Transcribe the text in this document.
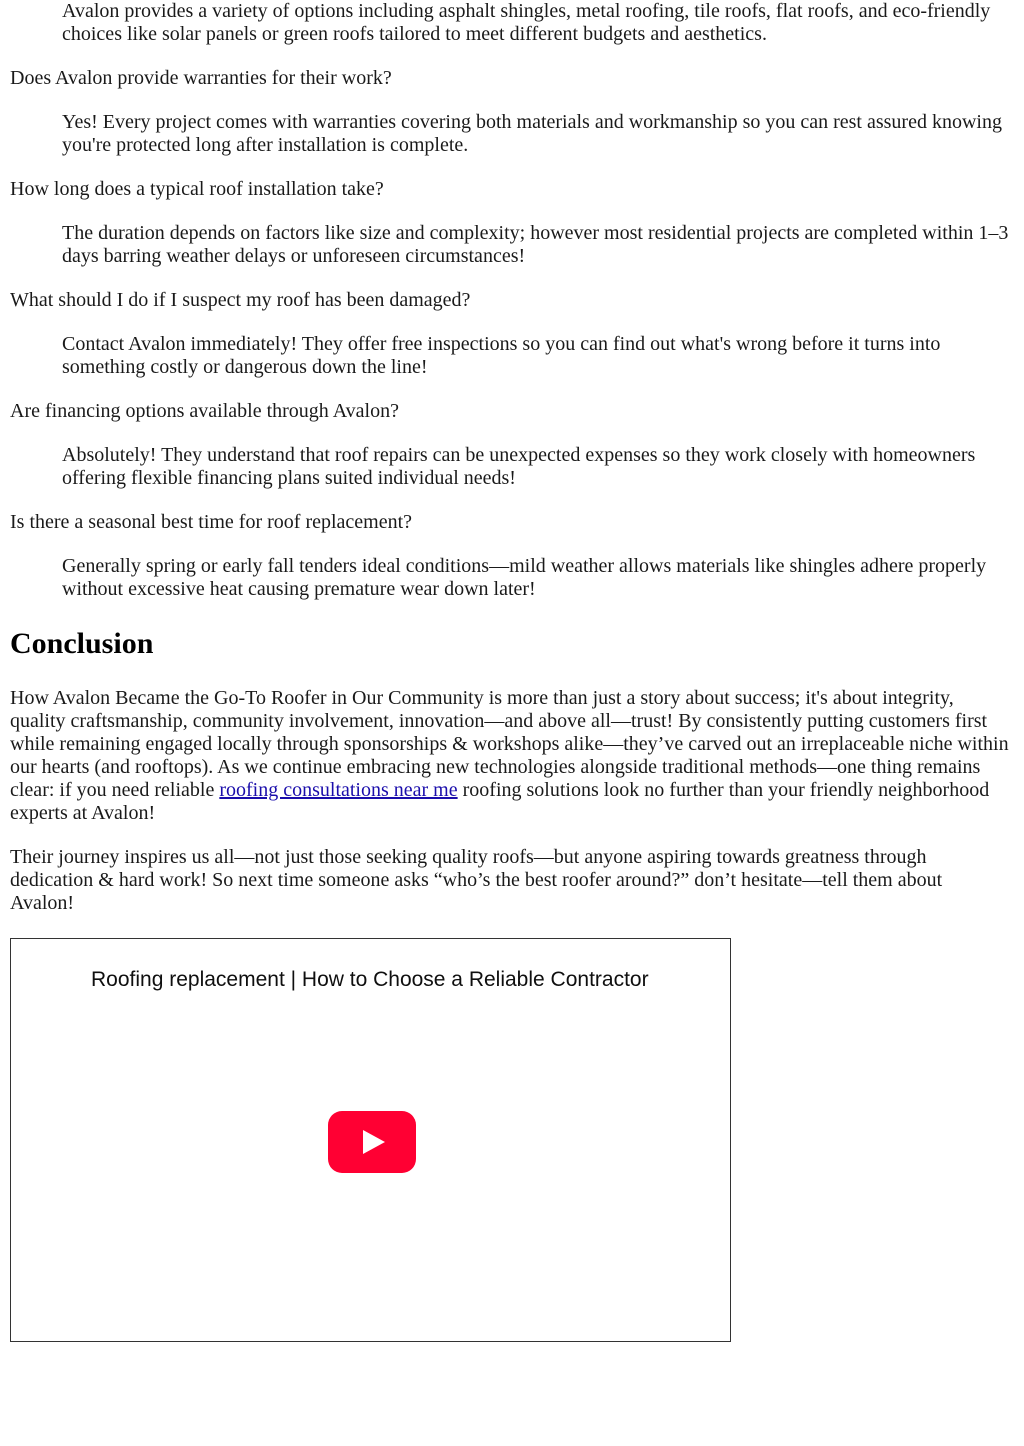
Avalon provides a variety of options including asphalt shingles, metal roofing, tile roofs, flat roofs, and eco-friendly choices like solar panels or green roofs tailored to meet different budgets and aesthetics.
Does Avalon provide warranties for their work?
Yes! Every project comes with warranties covering both materials and workmanship so you can rest assured knowing you're protected long after installation is complete.
How long does a typical roof installation take?
The duration depends on factors like size and complexity; however most residential projects are completed within 1–3 days barring weather delays or unforeseen circumstances!
What should I do if I suspect my roof has been damaged?
Contact Avalon immediately! They offer free inspections so you can find out what's wrong before it turns into something costly or dangerous down the line!
Are financing options available through Avalon?
Absolutely! They understand that roof repairs can be unexpected expenses so they work closely with homeowners offering flexible financing plans suited individual needs!
Is there a seasonal best time for roof replacement?
Generally spring or early fall tenders ideal conditions—mild weather allows materials like shingles adhere properly without excessive heat causing premature wear down later!
Conclusion

How Avalon Became the Go-To Roofer in Our Community is more than just a story about success; it's about integrity, quality craftsmanship, community involvement, innovation—and above all—trust! By consistently putting customers first while remaining engaged locally through sponsorships & workshops alike—they’ve carved out an irreplaceable niche within our hearts (and rooftops). As we continue embracing new technologies alongside traditional methods—one thing remains clear: if you need reliable roofing consultations near me roofing solutions look no further than your friendly neighborhood experts at Avalon!

Their journey inspires us all—not just those seeking quality roofs—but anyone aspiring towards greatness through dedication & hard work! So next time someone asks “who’s the best roofer around?” don’t hesitate—tell them about Avalon!

Roofing replacement | How to Choose a Reliable Contractor
